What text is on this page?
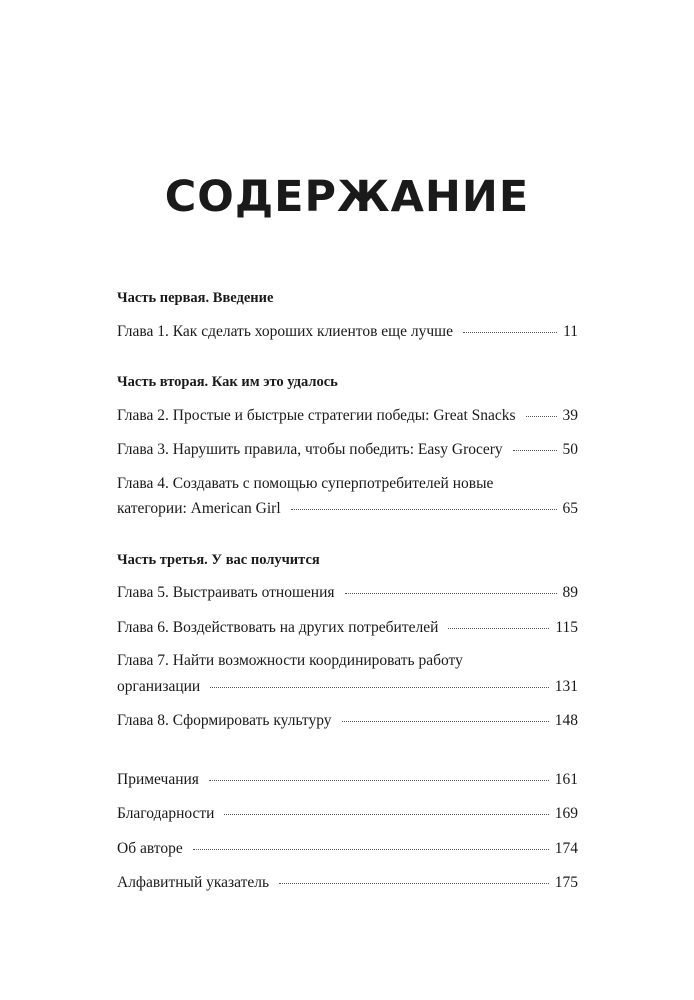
СОДЕРЖАНИЕ
Часть первая. Введение
Глава 1. Как сделать хороших клиентов еще лучше	11
Часть вторая. Как им это удалось
Глава 2. Простые и быстрые стратегии победы: Great Snacks	39
Глава 3. Нарушить правила, чтобы победить: Easy Grocery	50
Глава 4. Создавать с помощью суперпотребителей новые
категории: American Girl	65
Часть третья. У вас получится
Глава 5. Выстраивать отношения	89
Глава 6. Воздействовать на других потребителей	115
Глава 7. Найти возможности координировать работу
организации	131
Глава 8. Сформировать культуру	148
Примечания	161
Благодарности	169
Об авторе	174
Алфавитный указатель	175
